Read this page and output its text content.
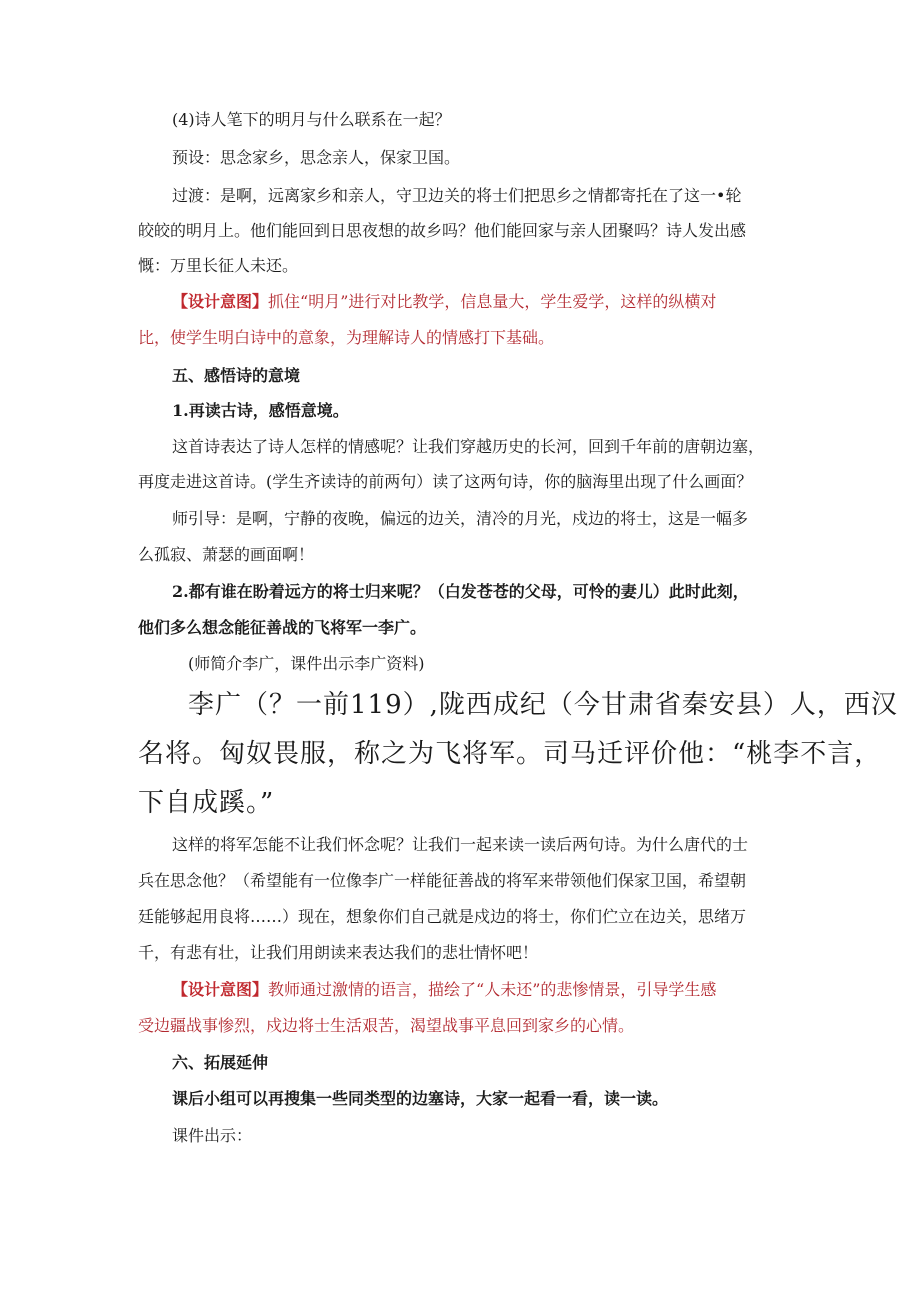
(4)诗人笔下的明月与什么联系在一起？
预设：思念家乡，思念亲人，保家卫国。
过渡：是啊，远离家乡和亲人，守卫边关的将士们把思乡之情都寄托在了这一•轮
皎皎的明月上。他们能回到日思夜想的故乡吗？他们能回家与亲人团聚吗？诗人发出感
慨：万里长征人未还。
【设计意图】抓住“明月”进行对比教学，信息量大，学生爱学，这样的纵横对
比，使学生明白诗中的意象，为理解诗人的情感打下基础。
五、感悟诗的意境
1.再读古诗，感悟意境。
这首诗表达了诗人怎样的情感呢？让我们穿越历史的长河，回到千年前的唐朝边塞，
再度走进这首诗。(学生齐读诗的前两句）读了这两句诗，你的脑海里出现了什么画面？
师引导：是啊，宁静的夜晚，偏远的边关，清冷的月光，戍边的将士，这是一幅多
么孤寂、萧瑟的画面啊！
2.都有谁在盼着远方的将士归来呢？（白发苍苍的父母，可怜的妻儿）此时此刻，
他们多么想念能征善战的飞将军一李广。
(师简介李广，课件出示李广资料)
李广（？一前119）,陇西成纪（今甘肃省秦安县）人，西汉
名将。匈奴畏服，称之为飞将军。司马迁评价他：“桃李不言，
下自成蹊。”
这样的将军怎能不让我们怀念呢？让我们一起来读一读后两句诗。为什么唐代的士
兵在思念他？（希望能有一位像李广一样能征善战的将军来带领他们保家卫国，希望朝
廷能够起用良将……）现在，想象你们自己就是戍边的将士，你们伫立在边关，思绪万
千，有悲有壮，让我们用朗读来表达我们的悲壮情怀吧！
【设计意图】教师通过激情的语言，描绘了“人未还”的悲惨情景，引导学生感
受边疆战事惨烈，戍边将士生活艰苦，渴望战事平息回到家乡的心情。
六、拓展延伸
课后小组可以再搜集一些同类型的边塞诗，大家一起看一看，读一读。
课件出示：
